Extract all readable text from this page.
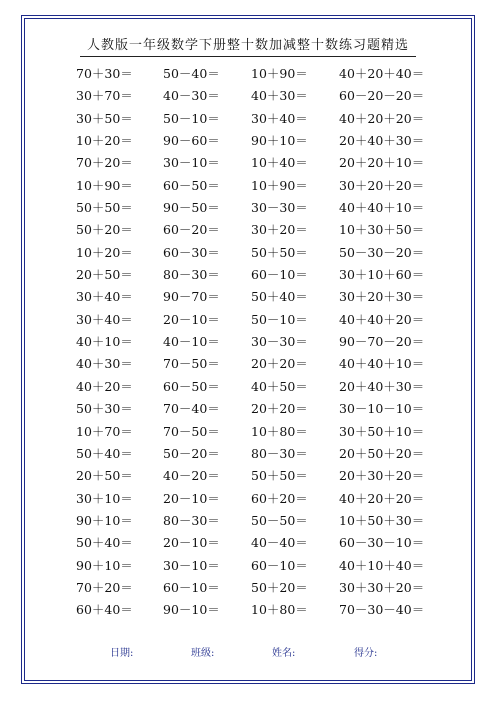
人教版一年级数学下册整十数加减整十数练习题精选
70＋30＝	50－40＝	10＋90＝	40＋20＋40＝
30＋70＝	40－30＝	40＋30＝	60－20－20＝
30＋50＝	50－10＝	30＋40＝	40＋20＋20＝
10＋20＝	90－60＝	90＋10＝	20＋40＋30＝
70＋20＝	30－10＝	10＋40＝	20＋20＋10＝
10＋90＝	60－50＝	10＋90＝	30＋20＋20＝
50＋50＝	90－50＝	30－30＝	40＋40＋10＝
50＋20＝	60－20＝	30＋20＝	10＋30＋50＝
10＋20＝	60－30＝	50＋50＝	50－30－20＝
20＋50＝	80－30＝	60－10＝	30＋10＋60＝
30＋40＝	90－70＝	50＋40＝	30＋20＋30＝
30＋40＝	20－10＝	50－10＝	40＋40＋20＝
40＋10＝	40－10＝	30－30＝	90－70－20＝
40＋30＝	70－50＝	20＋20＝	40＋40＋10＝
40＋20＝	60－50＝	40＋50＝	20＋40＋30＝
50＋30＝	70－40＝	20＋20＝	30－10－10＝
10＋70＝	70－50＝	10＋80＝	30＋50＋10＝
50＋40＝	50－20＝	80－30＝	20＋50＋20＝
20＋50＝	40－20＝	50＋50＝	20＋30＋20＝
30＋10＝	20－10＝	60＋20＝	40＋20＋20＝
90＋10＝	80－30＝	50－50＝	10＋50＋30＝
50＋40＝	20－10＝	40－40＝	60－30－10＝
90＋10＝	30－10＝	60－10＝	40＋10＋40＝
70＋20＝	60－10＝	50＋20＝	30＋30＋20＝
60＋40＝	90－10＝	10＋80＝	70－30－40＝
日期:	班级:	姓名:	得分:
